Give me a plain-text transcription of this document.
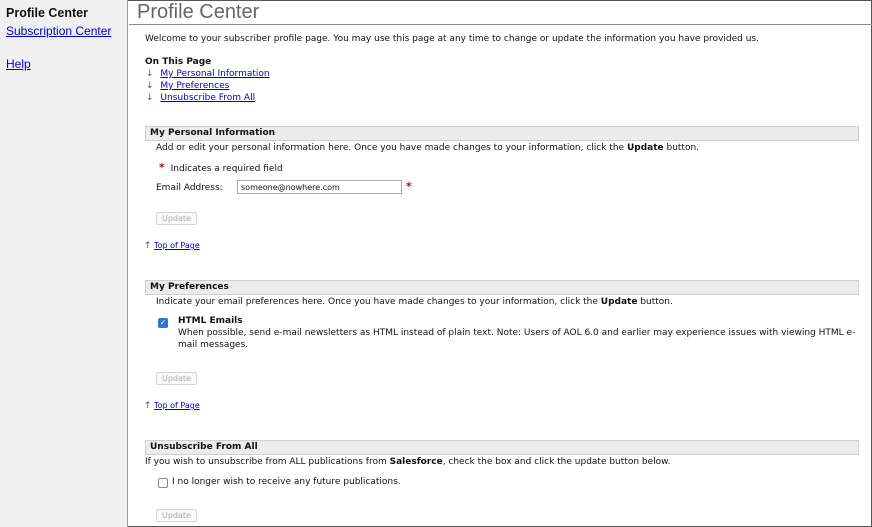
Profile Center
Subscription Center
Help
Profile Center
Welcome to your subscriber profile page. You may use this page at any time to change or update the information you have provided us.
On This Page
↓ My Personal Information
↓ My Preferences
↓ Unsubscribe From All
My Personal Information
Add or edit your personal information here. Once you have made changes to your information, click the Update button.
* Indicates a required field
Email Address:
someone@nowhere.com	*
Update
↑ Top of Page
My Preferences
Indicate your email preferences here. Once you have made changes to your information, click the Update button.
✓ HTML Emails
When possible, send e-mail newsletters as HTML instead of plain text. Note: Users of AOL 6.0 and earlier may experience issues with viewing HTML e-
mail messages.
Update
↑ Top of Page
Unsubscribe From All
If you wish to unsubscribe from ALL publications from Salesforce, check the box and click the update button below.
I no longer wish to receive any future publications.
Update
